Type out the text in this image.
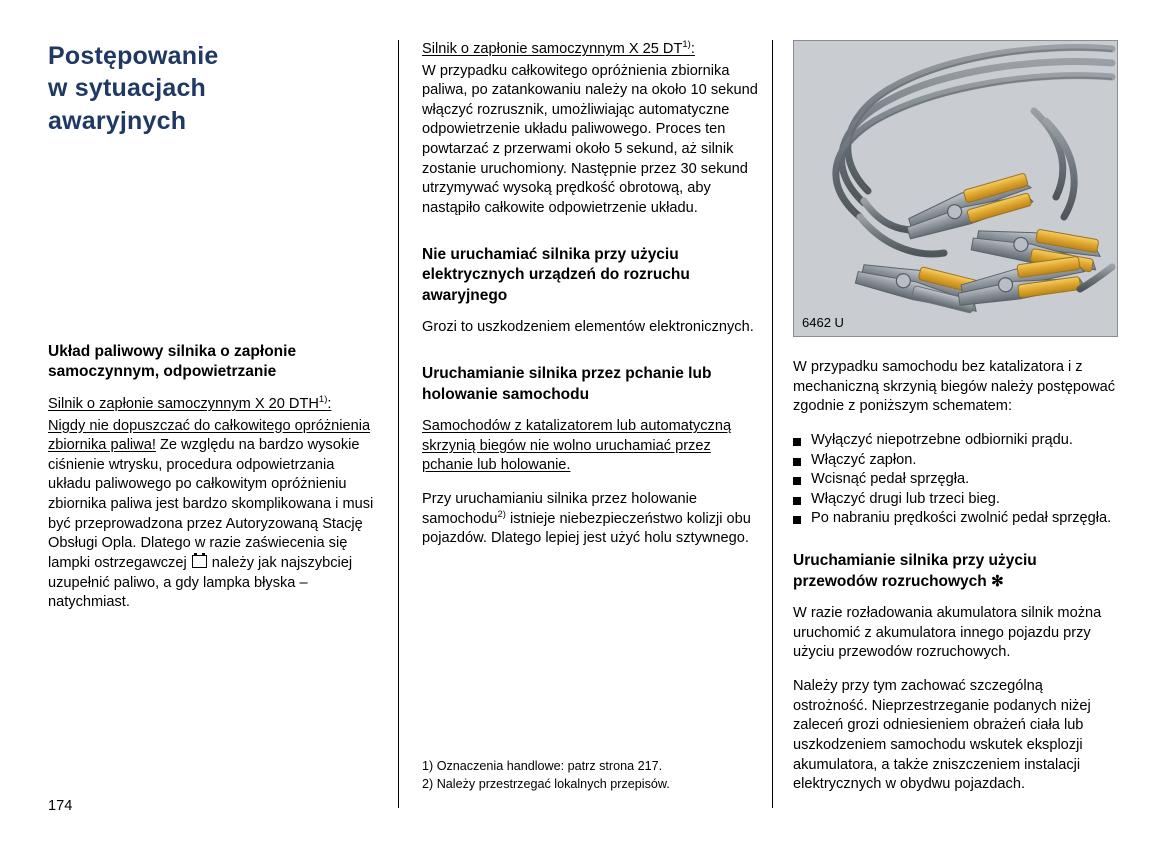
Postępowanie
w sytuacjach
awaryjnych
Układ paliwowy silnika o zapłonie samoczynnym, odpowietrzanie
Silnik o zapłonie samoczynnym X 20 DTH$^{1)}$:

Nigdy nie dopuszczać do całkowitego opróżnienia zbiornika paliwa! Ze względu na bardzo wysokie ciśnienie wtrysku, procedura odpowietrzania układu paliwowego po całkowitym opróżnieniu zbiornika paliwa jest bardzo skomplikowana i musi być przeprowadzona przez Autoryzowaną Stację Obsługi Opla. Dlatego w razie zaświecenia się lampki ostrzegawczej  należy jak najszybciej uzupełnić paliwo, a gdy lampka błyska – natychmiast.

Silnik o zapłonie samoczynnym X 25 DT$^{1)}$:

W przypadku całkowitego opróżnienia zbiornika paliwa, po zatankowaniu należy na około 10 sekund włączyć rozrusznik, umożliwiając automatyczne odpowietrzenie układu paliwowego. Proces ten powtarzać z przerwami około 5 sekund, aż silnik zostanie uruchomiony. Następnie przez 30 sekund utrzymywać wysoką prędkość obrotową, aby nastąpiło całkowite odpowietrzenie układu.

Nie uruchamiać silnika przy użyciu elektrycznych urządzeń do rozruchu awaryjnego

Grozi to uszkodzeniem elementów elektronicznych.

Uruchamianie silnika przez pchanie lub holowanie samochodu

Samochodów z katalizatorem lub automatyczną skrzynią biegów nie wolno uruchamiać przez pchanie lub holowanie.

Przy uruchamianiu silnika przez holowanie samochodu$^{2)}$ istnieje niebezpieczeństwo kolizji obu pojazdów. Dlatego lepiej jest użyć holu sztywnego.

1) Oznaczenia handlowe: patrz strona 217.

2) Należy przestrzegać lokalnych przepisów.

6462 U

W przypadku samochodu bez katalizatora i z mechaniczną skrzynią biegów należy postępować zgodnie z poniższym schematem:

Wyłączyć niepotrzebne odbiorniki prądu.
Włączyć zapłon.
Wcisnąć pedał sprzęgła.
Włączyć drugi lub trzeci bieg.
Po nabraniu prędkości zwolnić pedał sprzęgła.
Uruchamianie silnika przy użyciu przewodów rozruchowych ✻

W razie rozładowania akumulatora silnik można uruchomić z akumulatora innego pojazdu przy użyciu przewodów rozruchowych.

Należy przy tym zachować szczególną ostrożność. Nieprzestrzeganie podanych niżej zaleceń grozi odniesieniem obrażeń ciała lub uszkodzeniem samochodu wskutek eksplozji akumulatora, a także zniszczeniem instalacji elektrycznych w obydwu pojazdach.

174
